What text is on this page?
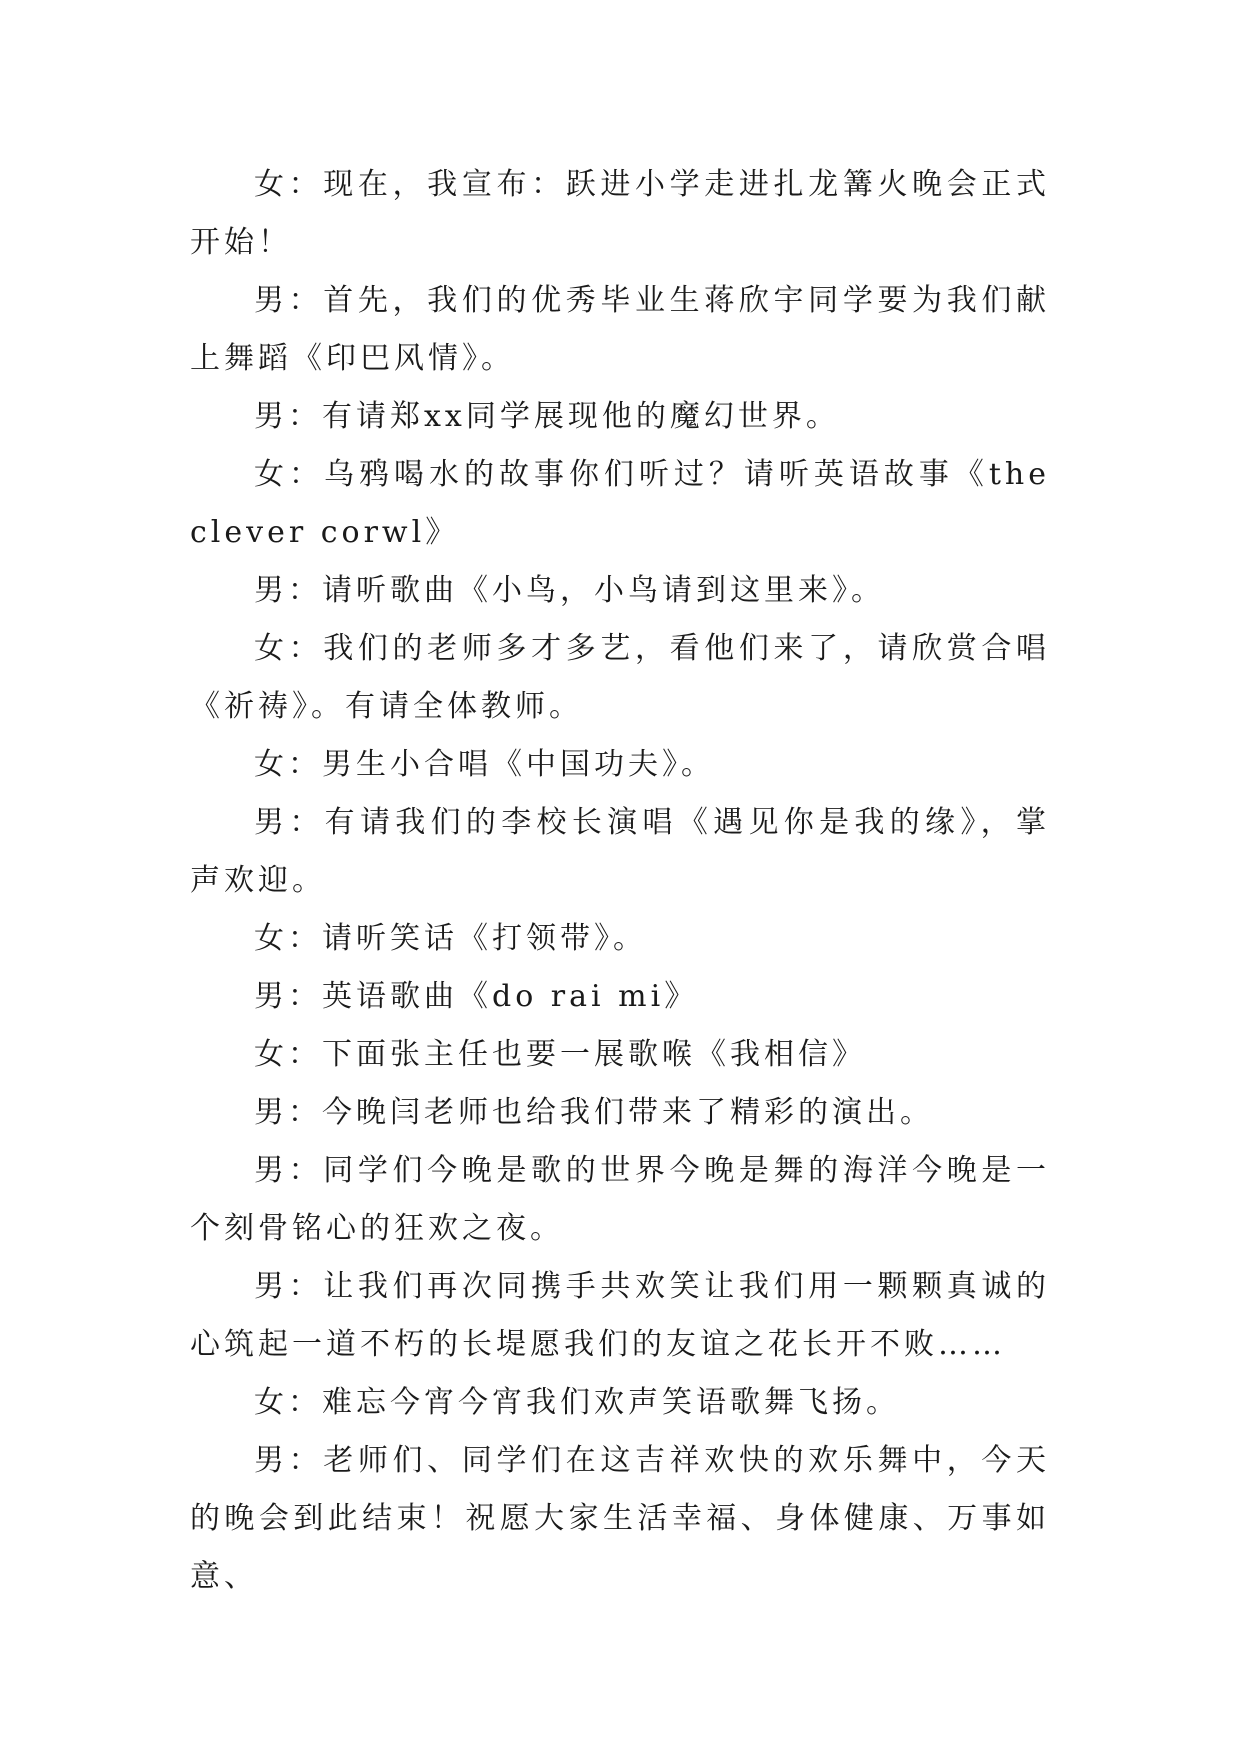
女：现在，我宣布：跃进小学走进扎龙篝火晚会正式开始！

男：首先，我们的优秀毕业生蒋欣宇同学要为我们献上舞蹈《印巴风情》。

男：有请郑xx同学展现他的魔幻世界。

女：乌鸦喝水的故事你们听过？请听英语故事《the clever corwl》

男：请听歌曲《小鸟，小鸟请到这里来》。

女：我们的老师多才多艺，看他们来了，请欣赏合唱《祈祷》。有请全体教师。

女：男生小合唱《中国功夫》。

男：有请我们的李校长演唱《遇见你是我的缘》，掌声欢迎。

女：请听笑话《打领带》。

男：英语歌曲《do rai mi》

女：下面张主任也要一展歌喉《我相信》

男：今晚闫老师也给我们带来了精彩的演出。

男：同学们今晚是歌的世界今晚是舞的海洋今晚是一个刻骨铭心的狂欢之夜。

男：让我们再次同携手共欢笑让我们用一颗颗真诚的心筑起一道不朽的长堤愿我们的友谊之花长开不败……

女：难忘今宵今宵我们欢声笑语歌舞飞扬。

男：老师们、同学们在这吉祥欢快的欢乐舞中，今天的晚会到此结束！祝愿大家生活幸福、身体健康、万事如意、
